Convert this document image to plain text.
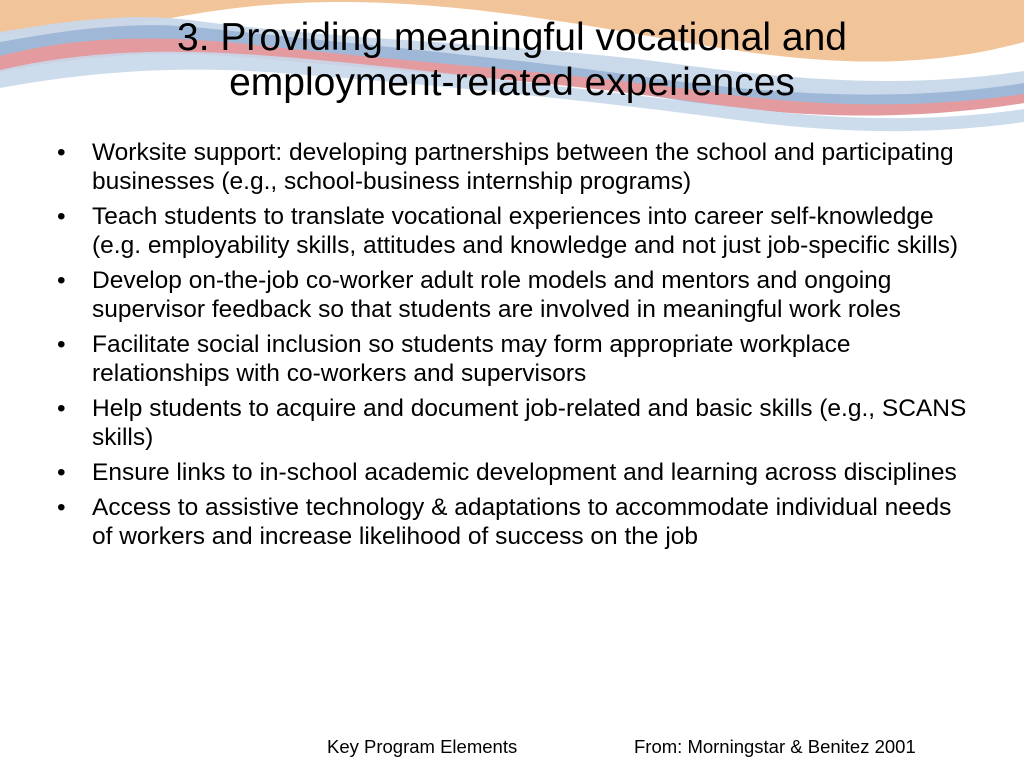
3. Providing meaningful vocational and
employment-related experiences
•	Worksite support: developing partnerships between the school and participating businesses (e.g., school-business internship programs)
•	Teach students to translate vocational experiences into career self-knowledge (e.g. employability skills, attitudes and knowledge and not just job-specific skills)
•	Develop on-the-job co-worker adult role models and mentors and ongoing supervisor feedback so that students are involved in meaningful work roles
•	Facilitate social inclusion so students may form appropriate workplace relationships with co-workers and supervisors
•	Help students to acquire and document job-related and basic skills (e.g., SCANS skills)
•	Ensure links to in-school academic development and learning across disciplines
•	Access to assistive technology & adaptations to accommodate individual needs of workers and increase likelihood of success on the job
Key Program Elements	From: Morningstar & Benitez 2001
